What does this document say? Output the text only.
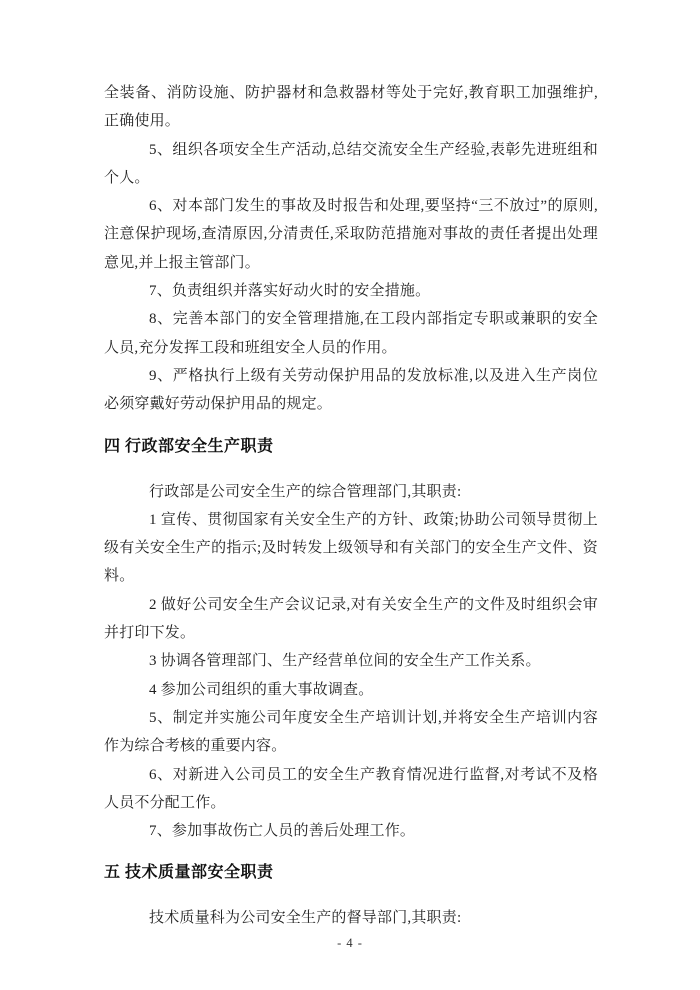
全装备、消防设施、防护器材和急救器材等处于完好,教育职工加强维护,正确使用。

5、组织各项安全生产活动,总结交流安全生产经验,表彰先进班组和个人。

6、对本部门发生的事故及时报告和处理,要坚持“三不放过”的原则,注意保护现场,查清原因,分清责任,采取防范措施对事故的责任者提出处理意见,并上报主管部门。

7、负责组织并落实好动火时的安全措施。

8、完善本部门的安全管理措施,在工段内部指定专职或兼职的安全人员,充分发挥工段和班组安全人员的作用。

9、严格执行上级有关劳动保护用品的发放标准,以及进入生产岗位必须穿戴好劳动保护用品的规定。

四 行政部安全生产职责

行政部是公司安全生产的综合管理部门,其职责:

1 宣传、贯彻国家有关安全生产的方针、政策;协助公司领导贯彻上级有关安全生产的指示;及时转发上级领导和有关部门的安全生产文件、资料。

2 做好公司安全生产会议记录,对有关安全生产的文件及时组织会审并打印下发。

3 协调各管理部门、生产经营单位间的安全生产工作关系。

4 参加公司组织的重大事故调查。

5、制定并实施公司年度安全生产培训计划,并将安全生产培训内容作为综合考核的重要内容。

6、对新进入公司员工的安全生产教育情况进行监督,对考试不及格人员不分配工作。

7、参加事故伤亡人员的善后处理工作。

五 技术质量部安全职责

技术质量科为公司安全生产的督导部门,其职责:

- 4 -
